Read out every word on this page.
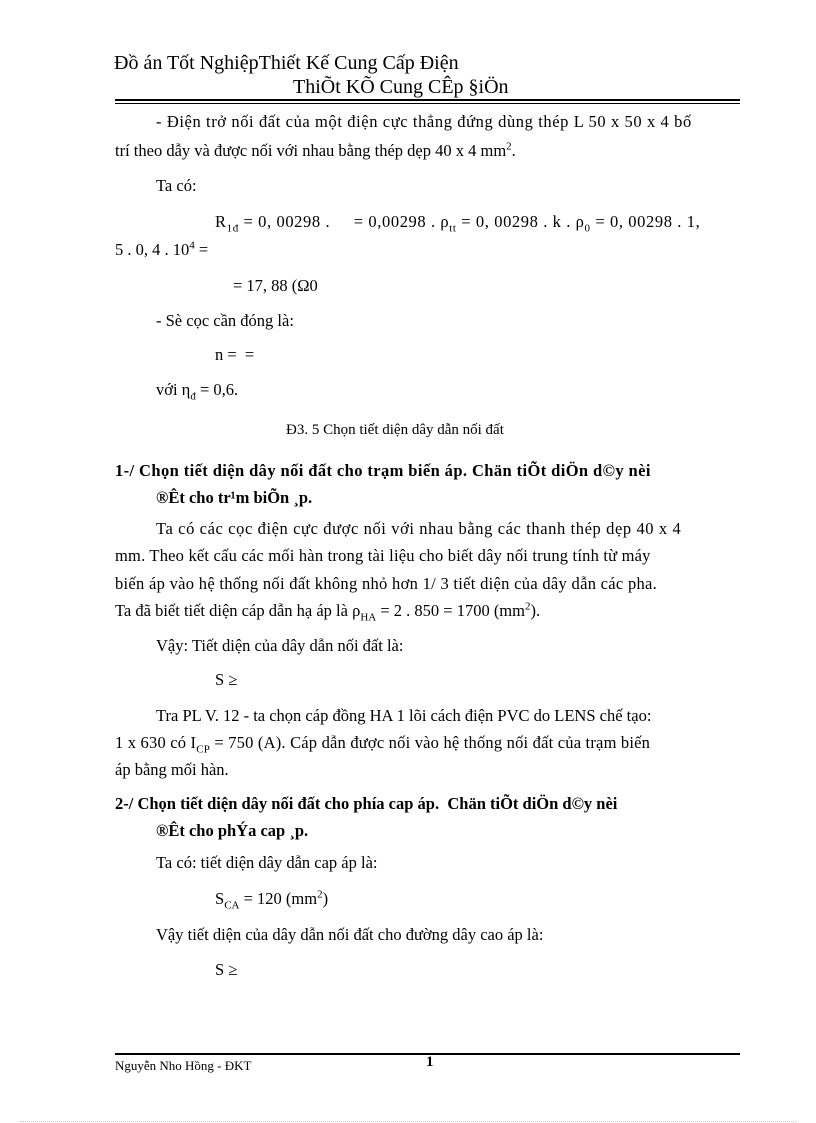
Đồ án Tốt NghiệpThiết Kế Cung Cấp Điện
ThiÕt KÕ Cung CÊp §iÖn
- Điện trở nối đất của một điện cực thẳng đứng dùng thép L 50 x 50 x 4 bố
trí theo dẫy và được nối với nhau bằng thép dẹp 40 x 4 $mm^2$.
Ta có:
$R_{1đ} = 0$, 00298 .     = 0,00298 . $\rho_{tt} = 0$, 00298 . k . $\rho_0 = 0$, 00298 . 1,
5 . 0, 4 . $10^4$ =
= 17, 88 (Ω0
- Sè cọc cần đóng là:
n =  =
với $\eta_đ = 0,6$.
Đ3. 5 Chọn tiết diện dây dẫn nối đất
1-/ Chọn tiết diện dây nối đất cho trạm biến áp. Chän tiÕt diÖn d©y nèi
®Êt cho tr¹m biÕn ¸p.
Ta có các cọc điện cực được nối với nhau bằng các thanh thép dẹp 40 x 4
mm. Theo kết cấu các mối hàn trong tài liệu cho biết dây nối trung tính từ máy
biến áp vào hệ thống nối đất không nhỏ hơn 1/ 3 tiết diện của dây dẫn các pha.
Ta đã biết tiết diện cáp dẫn hạ áp là $\rho_{HA} = 2$ . 850 = 1700 $(mm^2)$.
Vậy: Tiết diện của dây dẫn nối đất là:
S ≥
Tra PL V. 12 - ta chọn cáp đồng HA 1 lõi cách điện PVC do LENS chế tạo:
1 x 630 có $I_{CP} = 750$ (A). Cáp dẫn được nối vào hệ thống nối đất của trạm biến
áp bằng mối hàn.
2-/ Chọn tiết diện dây nối đất cho phía cap áp.  Chän tiÕt diÖn d©y nèi
®Êt cho phÝa cap ¸p.
Ta có: tiết diện dây dẫn cap áp là:
$S_{CA} = 120$ $(mm^2)$
Vậy tiết diện của dây dẫn nối đất cho đường dây cao áp là:
S ≥
Nguyễn Nho Hồng - ĐKT	1
